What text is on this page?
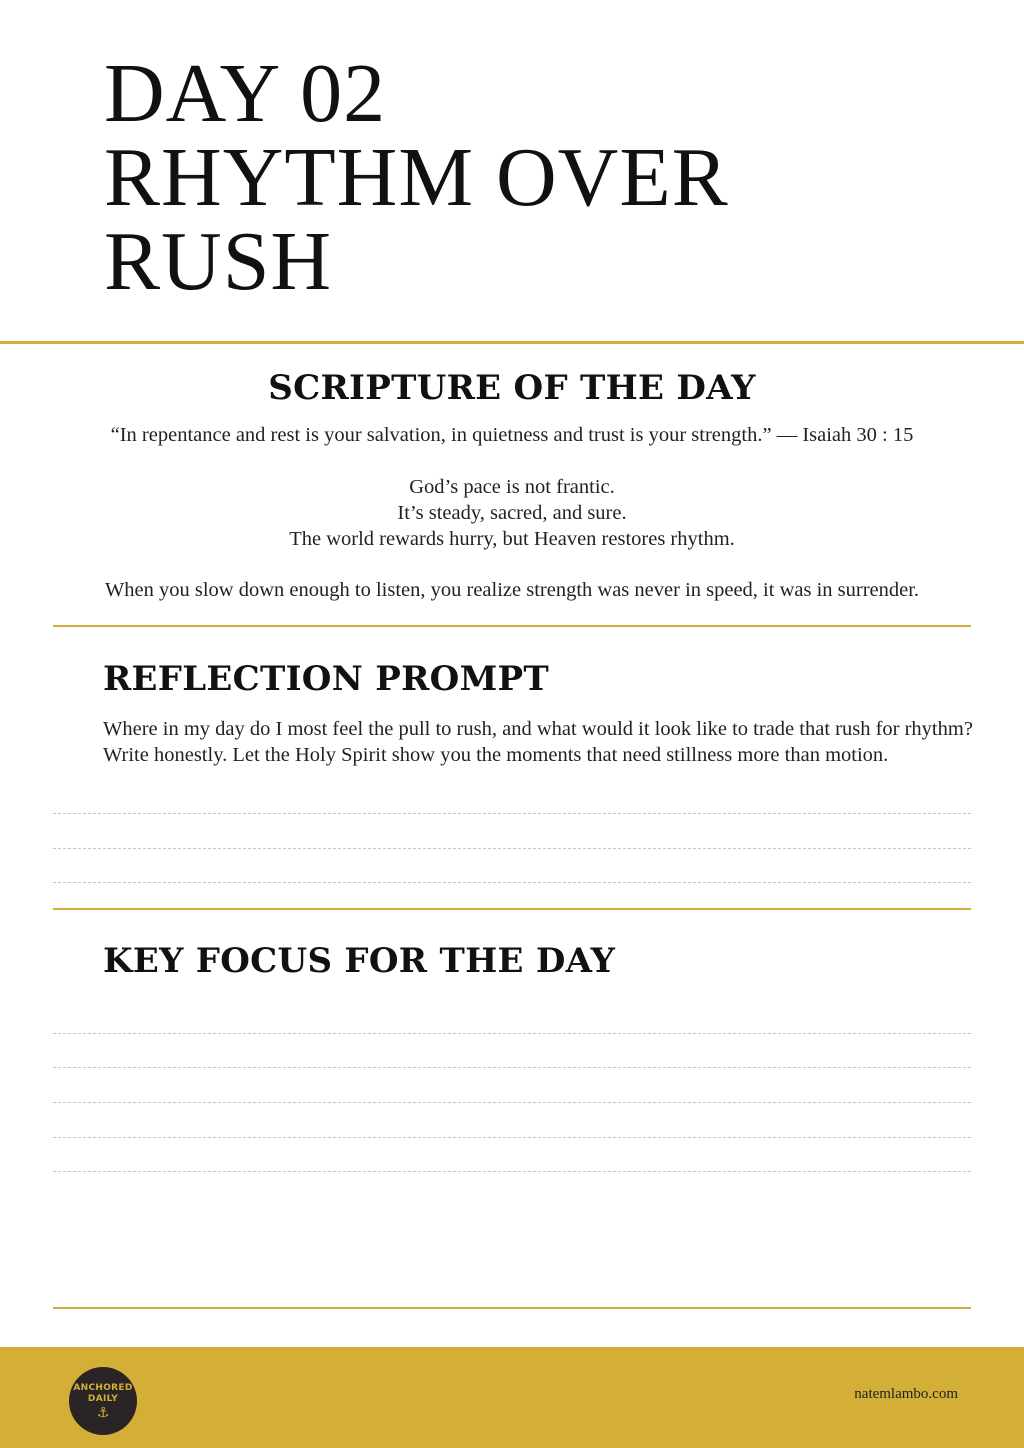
DAY 02
RHYTHM OVER
RUSH
SCRIPTURE OF THE DAY
“In repentance and rest is your salvation, in quietness and trust is your strength.” — Isaiah 30 : 15
God’s pace is not frantic.
It’s steady, sacred, and sure.
The world rewards hurry, but Heaven restores rhythm.
When you slow down enough to listen, you realize strength was never in speed, it was in surrender.
REFLECTION PROMPT
Where in my day do I most feel the pull to rush, and what would it look like to trade that rush for rhythm? Write honestly. Let the Holy Spirit show you the moments that need stillness more than motion.
KEY FOCUS FOR THE DAY
ANCHORED
DAILY
⚓
natemlambo.com
